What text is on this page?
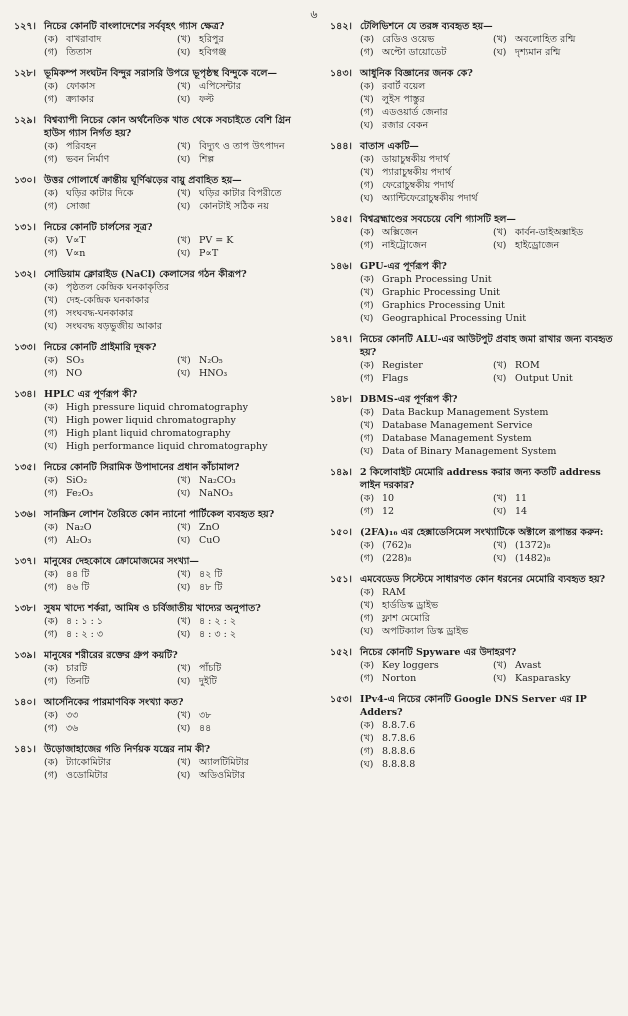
৬
১২৭। নিচের কোনটি বাংলাদেশের সর্ববৃহৎ গ্যাস ক্ষেত্র?
(ক) বাখরাবাদ	(খ) হরিপুর
(গ) তিতাস	(ঘ) হবিগঞ্জ
১২৮। ভূমিকম্প সংঘটন বিন্দুর সরাসরি উপরে ভূপৃষ্ঠস্থ বিন্দুকে বলে—
(ক) ফোকাস	(খ) এপিসেন্টার
(গ) ক্র্যাকার	(ঘ) ফল্ট
১২৯। বিশ্বব্যাপী নিচের কোন অর্থনৈতিক খাত থেকে সবচাইতে বেশি গ্রিন হাউস গ্যাস নির্গত হয়?
(ক) পরিবহন	(খ) বিদ্যুৎ ও তাপ উৎপাদন
(গ) ভবন নির্মাণ	(ঘ) শিল্প
১৩০। উত্তর গোলার্ধে ক্রান্তীয় ঘূর্ণিঝড়ের বায়ু প্রবাহিত হয়—
(ক) ঘড়ির কাটার দিকে	(খ) ঘড়ির কাটার বিপরীতে
(গ) সোজা	(ঘ) কোনটাই সঠিক নয়
১৩১। নিচের কোনটি চার্লসের সূত্র?
(ক) V∝T	(খ) PV = K
(গ) V∝n	(ঘ) P∝T
১৩২। সোডিয়াম ক্লোরাইড (NaCl) কেলাসের গঠন কীরূপ?
(ক) পৃষ্ঠতল কেন্দ্রিক ঘনকাকৃতির
(খ) দেহ-কেন্দ্রিক ঘনকাকার
(গ) সংঘবদ্ধ-ঘনকাকার
(ঘ) সংঘবদ্ধ ষড়ভুজীয় আকার
১৩৩। নিচের কোনটি প্রাইমারি দূষক?
(ক) SO₃	(খ) N₂O₅
(গ) NO	(ঘ) HNO₃
১৩৪। HPLC এর পূর্ণরূপ কী?
(ক) High pressure liquid chromatography
(খ) High power liquid chromatography
(গ) High plant liquid chromatography
(ঘ) High performance liquid chromatography
১৩৫। নিচের কোনটি সিরামিক উপাদানের প্রধান কাঁচামাল?
(ক) SiO₂	(খ) Na₂CO₃
(গ) Fe₂O₃	(ঘ) NaNO₃
১৩৬। সানস্ক্রিন লোশন তৈরিতে কোন ন্যানো পার্টিকেল ব্যবহৃত হয়?
(ক) Na₂O	(খ) ZnO
(গ) Al₂O₃	(ঘ) CuO
১৩৭। মানুষের দেহকোষে ক্রোমোজমের সংখ্যা—
(ক) ৪৪ টি	(খ) ৪২ টি
(গ) ৪৬ টি	(ঘ) ৪৮ টি
১৩৮। সুষম খাদ্যে শর্করা, আমিষ ও চর্বিজাতীয় খাদ্যের অনুপাত?
(ক) ৪ : ১ : ১	(খ) ৪ : ২ : ২
(গ) ৪ : ২ : ৩	(ঘ) ৪ : ৩ : ২
১৩৯। মানুষের শরীরের রক্তের গ্রুপ কয়টি?
(ক) চারটি	(খ) পাঁচটি
(গ) তিনটি	(ঘ) দুইটি
১৪০। আর্সেনিকের পারমাণবিক সংখ্যা কত?
(ক) ৩৩	(খ) ৩৮
(গ) ৩৬	(ঘ) ৪৪
১৪১। উড়োজাহাজের গতি নির্ণয়ক যন্ত্রের নাম কী?
(ক) ট্যাকোমিটার	(খ) অ্যালটিমিটার
(গ) ওডোমিটার	(ঘ) অডিওমিটার
১৪২। টেলিভিশনে যে তরঙ্গ ব্যবহৃত হয়—
(ক) রেডিও ওয়েভ	(খ) অবলোহিত রশ্মি
(গ) অপ্টো ডায়োডেট	(ঘ) দৃশ্যমান রশ্মি
১৪৩। আধুনিক বিজ্ঞানের জনক কে?
(ক) রবার্ট বয়েল
(খ) লুইস পাস্তুর
(গ) এডওয়ার্ড জেনার
(ঘ) রজার বেকন
১৪৪। বাতাস একটি—
(ক) ডায়াচুম্বকীয় পদার্থ
(খ) প্যারাচুম্বকীয় পদার্থ
(গ) ফেরোচুম্বকীয় পদার্থ
(ঘ) অ্যান্টিফেরোচুম্বকীয় পদার্থ
১৪৫। বিশ্বব্রহ্মাণ্ডের সবচেয়ে বেশি গ্যাসটি হল—
(ক) অক্সিজেন	(খ) কার্বন-ডাইঅক্সাইড
(গ) নাইট্রোজেন	(ঘ) হাইড্রোজেন
১৪৬। GPU-এর পূর্ণরূপ কী?
(ক) Graph Processing Unit
(খ) Graphic Processing Unit
(গ) Graphics Processing Unit
(ঘ) Geographical Processing Unit
১৪৭। নিচের কোনটি ALU-এর আউটপুট প্রবাহ জমা রাখার জন্য ব্যবহৃত হয়?
(ক) Register	(খ) ROM
(গ) Flags	(ঘ) Output Unit
১৪৮। DBMS-এর পূর্ণরূপ কী?
(ক) Data Backup Management System
(খ) Database Management Service
(গ) Database Management System
(ঘ) Data of Binary Management System
১৪৯। 2 কিলোবাইট মেমোরি address করার জন্য কতটি address লাইন দরকার?
(ক) 10	(খ) 11
(গ) 12	(ঘ) 14
১৫০। (2FA)₁₆ এর হেক্সাডেসিমেল সংখ্যাটিকে অক্টালে রূপান্তর করুন:
(ক) (762)₈	(খ) (1372)₈
(গ) (228)₈	(ঘ) (1482)₈
১৫১। এমবেডেড সিস্টেমে সাধারণত কোন ধরনের মেমোরি ব্যবহৃত হয়?
(ক) RAM
(খ) হার্ডডিস্ক ড্রাইভ
(গ) ফ্লাশ মেমোরি
(ঘ) অপটিক্যাল ডিস্ক ড্রাইভ
১৫২। নিচের কোনটি Spyware এর উদাহরণ?
(ক) Key loggers	(খ) Avast
(গ) Norton	(ঘ) Kasparasky
১৫৩। IPv4-এ নিচের কোনটি Google DNS Server এর IP Adders?
(ক) 8.8.7.6
(খ) 8.7.8.6
(গ) 8.8.8.6
(ঘ) 8.8.8.8
